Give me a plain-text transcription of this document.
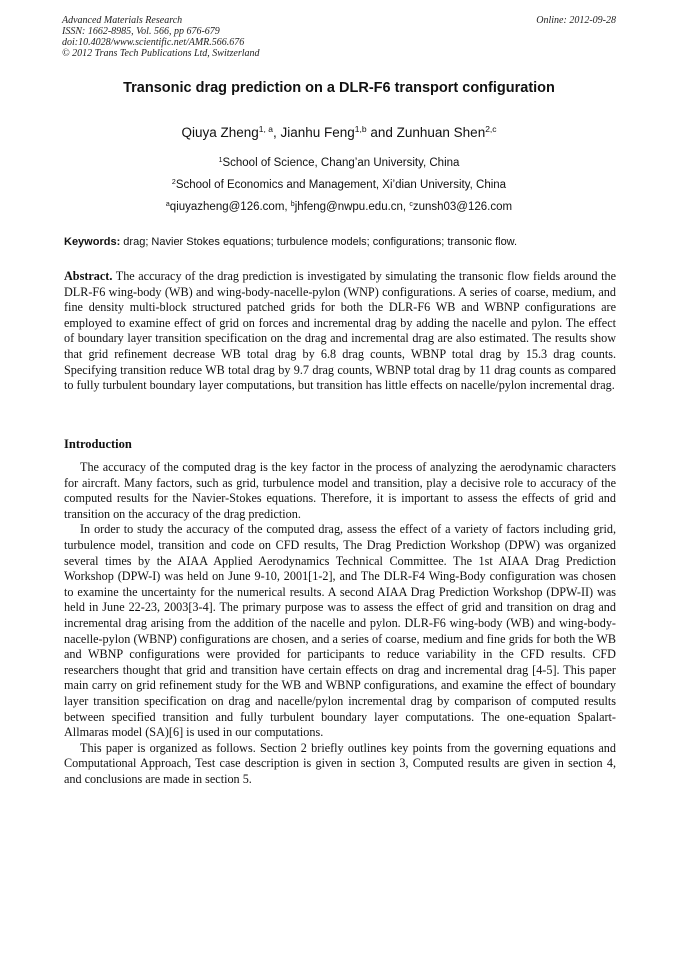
Advanced Materials Research
ISSN: 1662-8985, Vol. 566, pp 676-679
doi:10.4028/www.scientific.net/AMR.566.676
© 2012 Trans Tech Publications Ltd, Switzerland
Online: 2012-09-28
Transonic drag prediction on a DLR-F6 transport configuration
Qiuya Zheng$^{1, a}$, Jianhu Feng$^{1,b}$ and Zunhuan Shen$^{2,c}$
$^1$School of Science, Chang’an University, China
$^2$School of Economics and Management, Xi’dian University, China
$^a$qiuyazheng@126.com, $^b$jhfeng@nwpu.edu.cn, $^c$zunsh03@126.com
Keywords: drag; Navier Stokes equations; turbulence models; configurations; transonic flow.
Abstract. The accuracy of the drag prediction is investigated by simulating the transonic flow fields around the DLR-F6 wing-body (WB) and wing-body-nacelle-pylon (WNP) configurations. A series of coarse, medium, and fine density multi-block structured patched grids for both the DLR-F6 WB and WBNP configurations are employed to examine effect of grid on forces and incremental drag by adding the nacelle and pylon. The effect of boundary layer transition specification on the drag and incremental drag are also estimated. The results show that grid refinement decrease WB total drag by 6.8 drag counts, WBNP total drag by 15.3 drag counts. Specifying transition reduce WB total drag by 9.7 drag counts, WBNP total drag by 11 drag counts as compared to fully turbulent boundary layer computations, but transition has little effects on nacelle/pylon incremental drag.
Introduction

The accuracy of the computed drag is the key factor in the process of analyzing the aerodynamic characters for aircraft. Many factors, such as grid, turbulence model and transition, play a decisive role to accuracy of the computed results for the Navier-Stokes equations. Therefore, it is important to assess the effects of grid and transition on the accuracy of the drag prediction.

In order to study the accuracy of the computed drag, assess the effect of a variety of factors including grid, turbulence model, transition and code on CFD results, The Drag Prediction Workshop (DPW) was organized several times by the AIAA Applied Aerodynamics Technical Committee. The 1st AIAA Drag Prediction Workshop (DPW-I) was held on June 9-10, 2001[1-2], and The DLR-F4 Wing-Body configuration was chosen to examine the uncertainty for the numerical results. A second AIAA Drag Prediction Workshop (DPW-II) was held in June 22-23, 2003[3-4]. The primary purpose was to assess the effect of grid and transition on drag and incremental drag arising from the addition of the nacelle and pylon. DLR-F6 wing-body (WB) and wing-body-nacelle-pylon (WBNP) configurations are chosen, and a series of coarse, medium and fine grids for both the WB and WBNP configurations were provided for participants to reduce variability in the CFD results. CFD researchers thought that grid and transition have certain effects on drag and incremental drag [4-5]. This paper main carry on grid refinement study for the WB and WBNP configurations, and examine the effect of boundary layer transition specification on drag and nacelle/pylon incremental drag by comparison of computed results between specified transition and fully turbulent boundary layer computations. The one-equation Spalart-Allmaras model (SA)[6] is used in our computations.

This paper is organized as follows. Section 2 briefly outlines key points from the governing equations and Computational Approach, Test case description is given in section 3, Computed results are given in section 4, and conclusions are made in section 5.
